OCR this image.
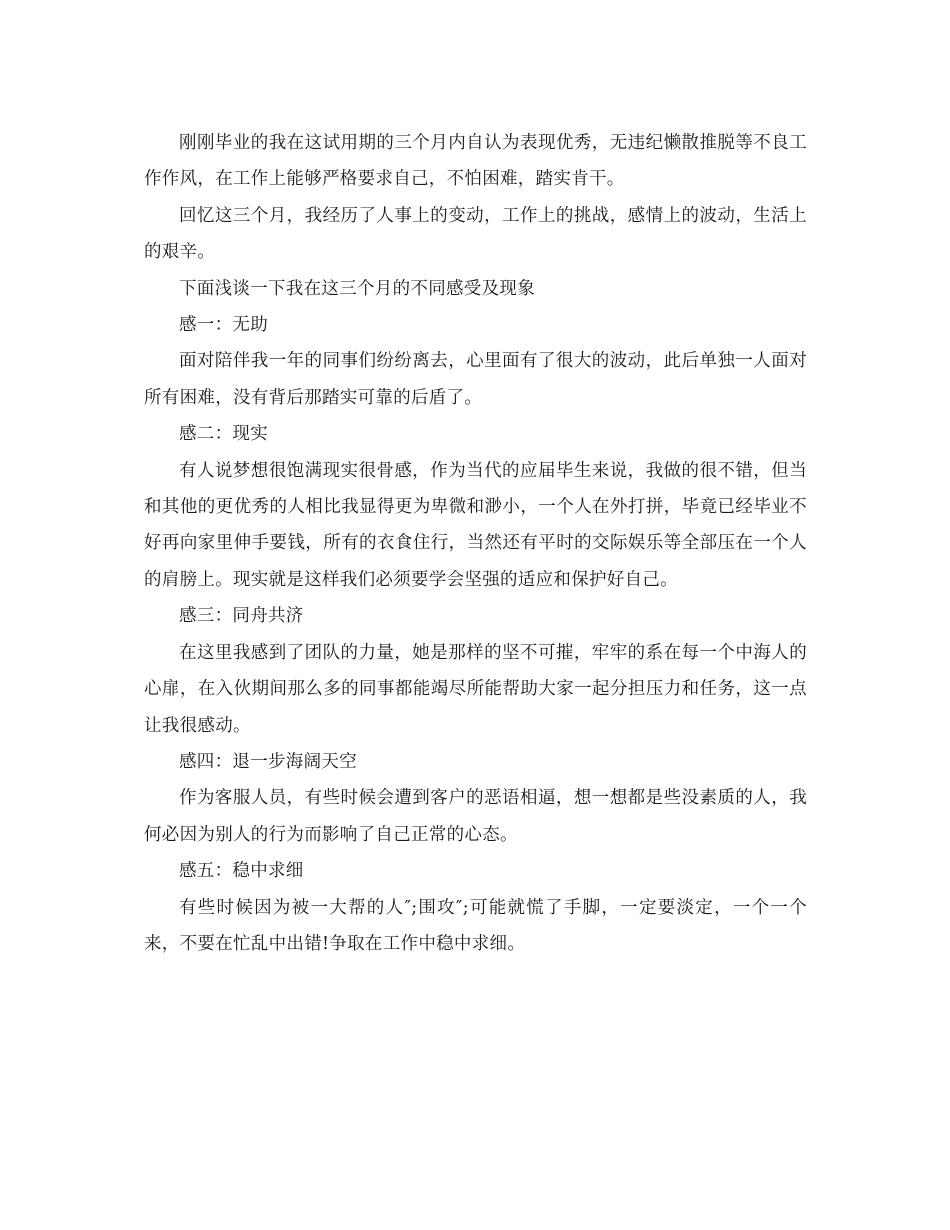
刚刚毕业的我在这试用期的三个月内自认为表现优秀，无违纪懒散推脱等不良工作作风，在工作上能够严格要求自己，不怕困难，踏实肯干。

回忆这三个月，我经历了人事上的变动，工作上的挑战，感情上的波动，生活上的艰辛。

下面浅谈一下我在这三个月的不同感受及现象

感一：无助

面对陪伴我一年的同事们纷纷离去，心里面有了很大的波动，此后单独一人面对所有困难，没有背后那踏实可靠的后盾了。

感二：现实

有人说梦想很饱满现实很骨感，作为当代的应届毕生来说，我做的很不错，但当和其他的更优秀的人相比我显得更为卑微和渺小，一个人在外打拼，毕竟已经毕业不好再向家里伸手要钱，所有的衣食住行，当然还有平时的交际娱乐等全部压在一个人的肩膀上。现实就是这样我们必须要学会坚强的适应和保护好自己。

感三：同舟共济

在这里我感到了团队的力量，她是那样的坚不可摧，牢牢的系在每一个中海人的心扉，在入伙期间那么多的同事都能竭尽所能帮助大家一起分担压力和任务，这一点让我很感动。

感四：退一步海阔天空

作为客服人员，有些时候会遭到客户的恶语相逼，想一想都是些没素质的人，我何必因为别人的行为而影响了自己正常的心态。

感五：稳中求细

有些时候因为被一大帮的人″;围攻″;可能就慌了手脚，一定要淡定，一个一个来，不要在忙乱中出错!争取在工作中稳中求细。
